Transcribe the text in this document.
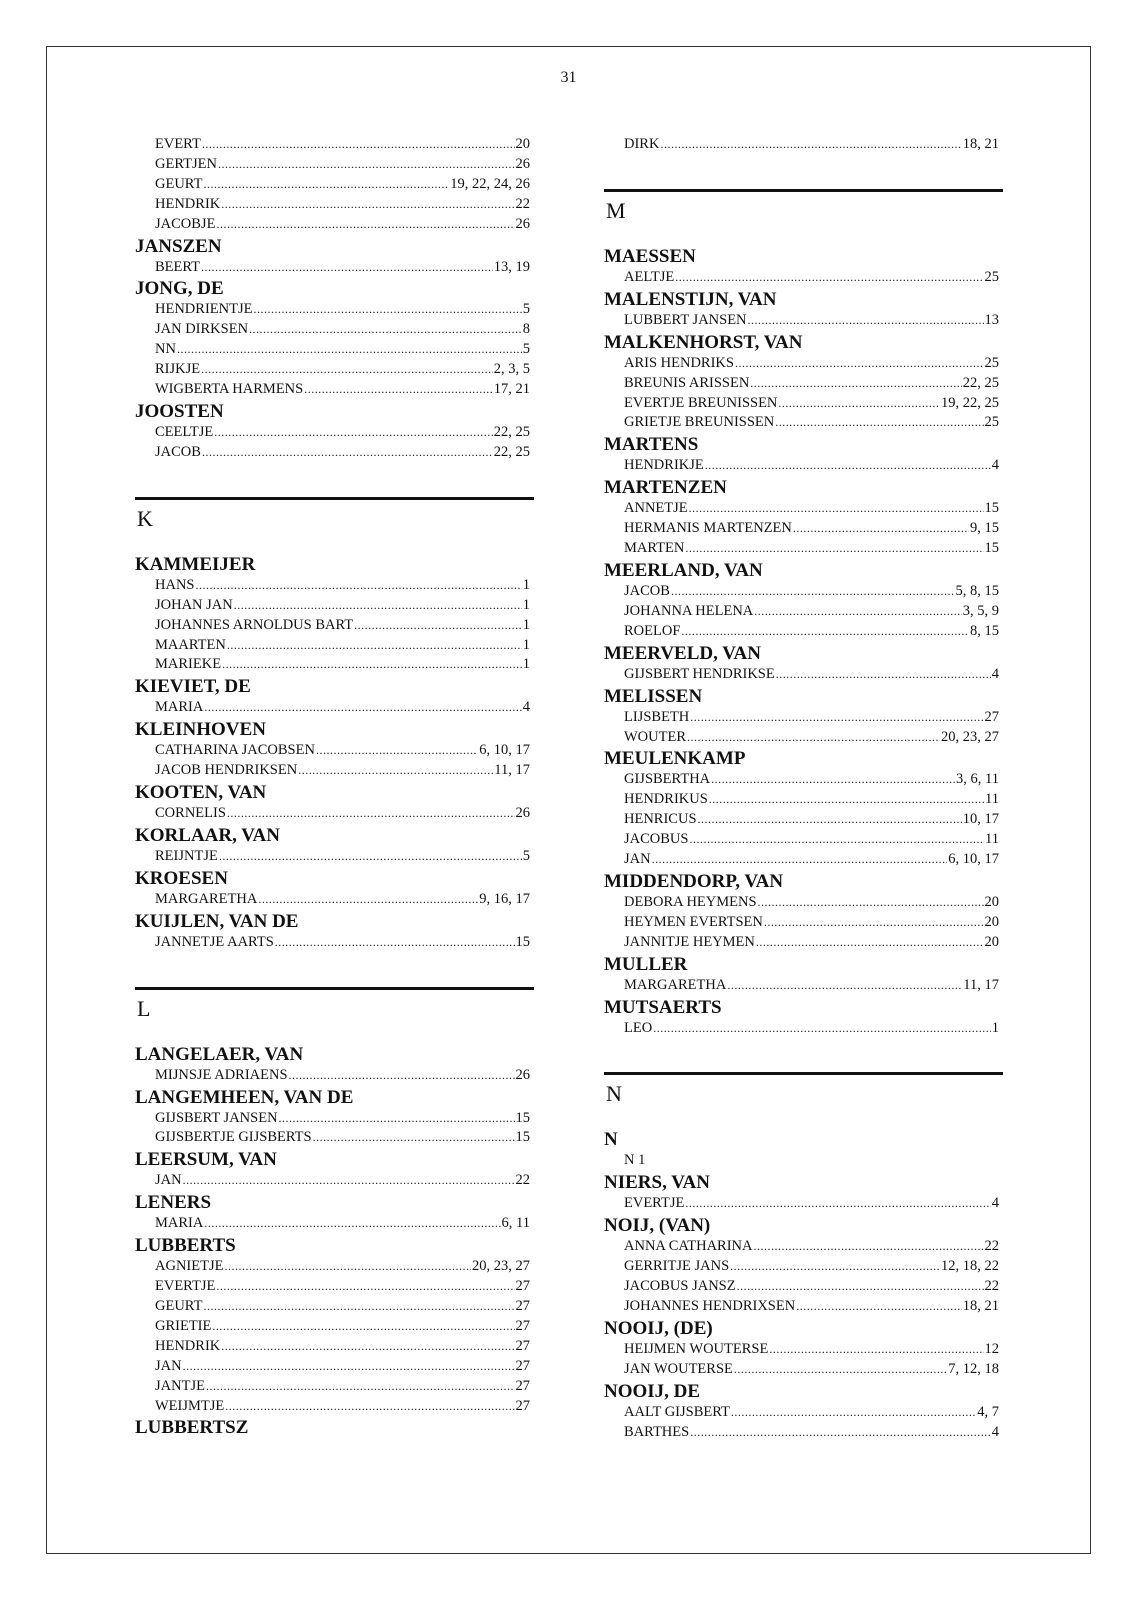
31
EVERT .....	20
GERTJEN .....	26
GEURT .....	19, 22, 24, 26
HENDRIK .....	22
JACOBJE .....	26
JANSZEN
BEERT .....	13, 19
JONG, DE
HENDRIENTJE .....	5
JAN DIRKSEN .....	8
NN .....	5
RIJKJE .....	2, 3, 5
WIGBERTA HARMENS .....	17, 21
JOOSTEN
CEELTJE .....	22, 25
JACOB .....	22, 25
K
KAMMEIJER
HANS .....	1
JOHAN JAN .....	1
JOHANNES ARNOLDUS BART .....	1
MAARTEN .....	1
MARIEKE .....	1
KIEVIET, DE
MARIA .....	4
KLEINHOVEN
CATHARINA JACOBSEN .....	6, 10, 17
JACOB HENDRIKSEN .....	11, 17
KOOTEN, VAN
CORNELIS .....	26
KORLAAR, VAN
REIJNTJE .....	5
KROESEN
MARGARETHA .....	9, 16, 17
KUIJLEN, VAN DE
JANNETJE AARTS .....	15
L
LANGELAER, VAN
MIJNSJE ADRIAENS .....	26
LANGEMHEEN, VAN DE
GIJSBERT JANSEN .....	15
GIJSBERTJE GIJSBERTS .....	15
LEERSUM, VAN
JAN .....	22
LENERS
MARIA .....	6, 11
LUBBERTS
AGNIETJE .....	20, 23, 27
EVERTJE .....	27
GEURT .....	27
GRIETIE .....	27
HENDRIK .....	27
JAN .....	27
JANTJE .....	27
WEIJMTJE .....	27
LUBBERTSZ
DIRK .....	18, 21
M
MAESSEN
AELTJE .....	25
MALENSTIJN, VAN
LUBBERT JANSEN .....	13
MALKENHORST, VAN
ARIS HENDRIKS .....	25
BREUNIS ARISSEN .....	22, 25
EVERTJE BREUNISSEN .....	19, 22, 25
GRIETJE BREUNISSEN .....	25
MARTENS
HENDRIKJE .....	4
MARTENZEN
ANNETJE .....	15
HERMANIS MARTENZEN .....	9, 15
MARTEN .....	15
MEERLAND, VAN
JACOB .....	5, 8, 15
JOHANNA HELENA .....	3, 5, 9
ROELOF .....	8, 15
MEERVELD, VAN
GIJSBERT HENDRIKSE .....	4
MELISSEN
LIJSBETH .....	27
WOUTER .....	20, 23, 27
MEULENKAMP
GIJSBERTHA .....	3, 6, 11
HENDRIKUS .....	11
HENRICUS .....	10, 17
JACOBUS .....	11
JAN .....	6, 10, 17
MIDDENDORP, VAN
DEBORA HEYMENS .....	20
HEYMEN EVERTSEN .....	20
JANNITJE HEYMEN .....	20
MULLER
MARGARETHA .....	11, 17
MUTSAERTS
LEO .....	1
N
N
N 1
NIERS, VAN
EVERTJE .....	4
NOIJ, (VAN)
ANNA CATHARINA .....	22
GERRITJE JANS .....	12, 18, 22
JACOBUS JANSZ .....	22
JOHANNES HENDRIXSEN .....	18, 21
NOOIJ, (DE)
HEIJMEN WOUTERSE .....	12
JAN WOUTERSE .....	7, 12, 18
NOOIJ, DE
AALT GIJSBERT .....	4, 7
BARTHES .....	4
